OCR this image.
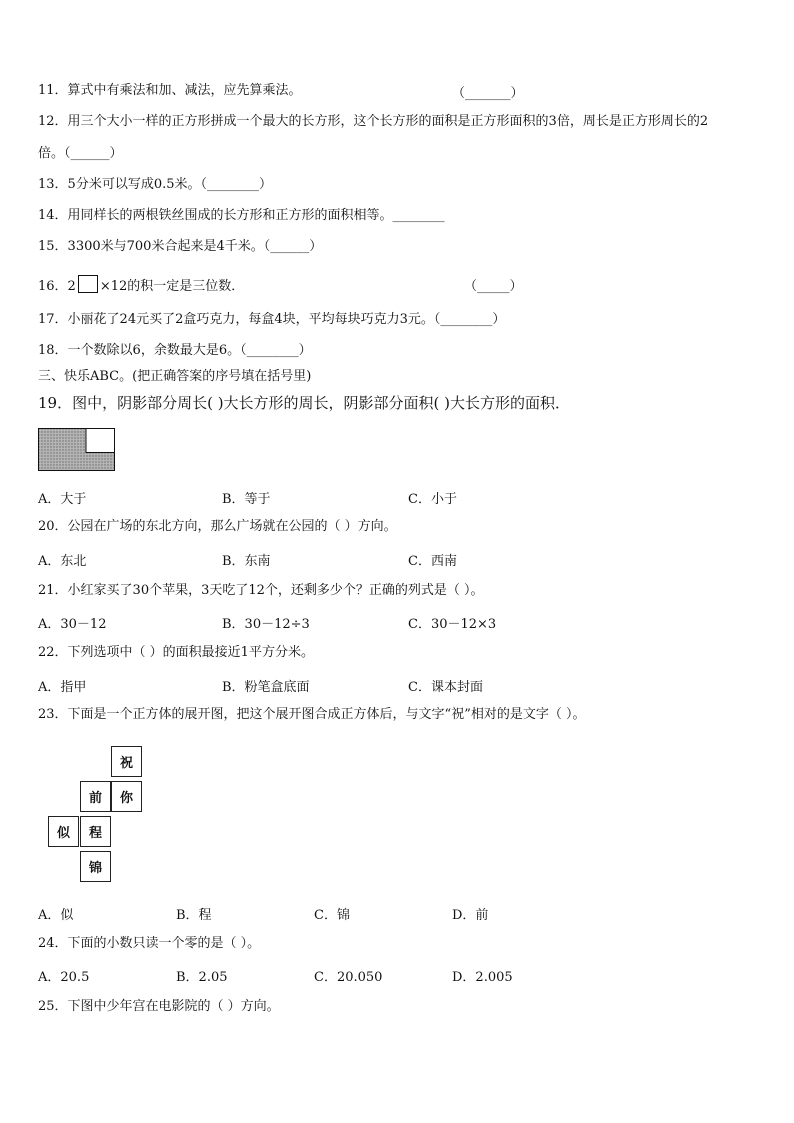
11．算式中有乘法和加、减法，应先算乘法。	（_______）
12．用三个大小一样的正方形拼成一个最大的长方形，这个长方形的面积是正方形面积的3倍，周长是正方形周长的2
倍。（______）
13．5分米可以写成0.5米。（________）
14．用同样长的两根铁丝围成的长方形和正方形的面积相等。________
15．3300米与700米合起来是4千米。（______）
16．2 ×12的积一定是三位数．	（_____）
17．小丽花了24元买了2盒巧克力，每盒4块，平均每块巧克力3元。（________）
18．一个数除以6，余数最大是6。（________）
三、快乐ABC。(把正确答案的序号填在括号里)
19．图中，阴影部分周长( )大长方形的周长，阴影部分面积( )大长方形的面积．
A．大于	B．等于	C．小于
20．公园在广场的东北方向，那么广场就在公园的（ ）方向。
A．东北	B．东南	C．西南
21．小红家买了30个苹果，3天吃了12个，还剩多少个？正确的列式是（ ）。
A．30－12	B．30－12÷3	C．30－12×3
22．下列选项中（ ）的面积最接近1平方分米。
A．指甲	B．粉笔盒底面	C．课本封面
23．下面是一个正方体的展开图，把这个展开图合成正方体后，与文字“祝”相对的是文字（ ）。
祝
你
前
程
似
锦
A．似	B．程	C．锦	D．前
24．下面的小数只读一个零的是（ ）。
A．20.5	B．2.05	C．20.050	D．2.005
25．下图中少年宫在电影院的（ ）方向。
